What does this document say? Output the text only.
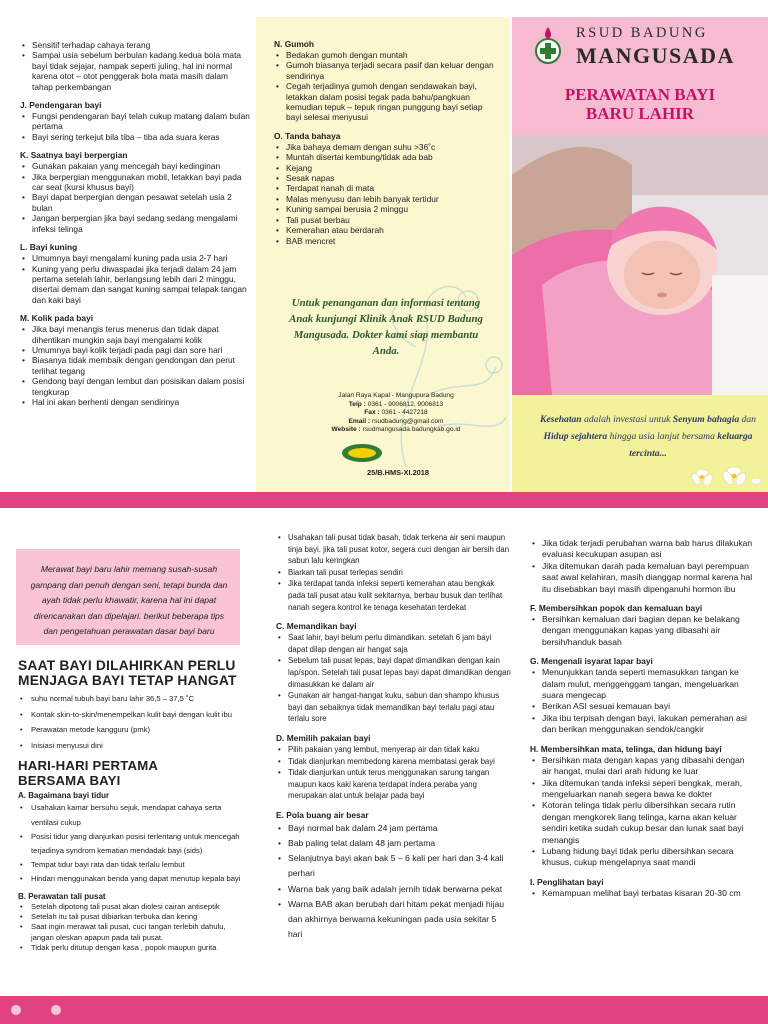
• Sensitif terhadap cahaya terang
• Sampai usia sebelum berbulan kadang kedua bola mata bayi tidak sejajar, nampak seperti juling, hal ini normal karena otot – otot penggerak bola mata masih dalam tahap perkembangan
J. Pendengaran bayi
• Fungsi pendengaran bayi telah cukup matang dalam bulan pertama
• Bayi sering terkejut bila tiba – tiba ada suara keras
K. Saatnya bayi berpergian
• Gunakan pakaian yang mencegah bayi kedinginan
• Jika berpergian menggunakan mobil, letakkan bayi pada car seat (kursi khusus bayi)
• Bayi dapat berpergian dengan pesawat setelah usia 2 bulan
• Jangan berpergian jika bayi sedang sedang mengalami infeksi telinga
L. Bayi kuning
• Umumnya bayi mengalami kuning pada usia 2-7 hari
• Kuning yang perlu diwaspadai jika terjadi dalam 24 jam pertama setelah lahir, berlangsung lebih dari 2 minggu, disertai demam dan sangat kuning sampai telapak tangan dan kaki bayi
M. Kolik pada bayi
• Jika bayi menangis terus menerus dan tidak dapat dihentikan mungkin saja bayi mengalami kolik
• Umumnya bayi kolik terjadi pada pagi dan sore hari
• Biasanya tidak membaik dengan gendongan dan perut terlihat tegang
• Gendong bayi dengan lembut dan posisikan dalam posisi tengkurap
• Hal ini akan berhenti dengan sendirinya
N. Gumoh
• Bedakan gumoh dengan muntah
• Gumoh biasanya terjadi secara pasif dan keluar dengan sendirinya
• Cegah terjadinya gumoh dengan sendawakan bayi, letakkan dalam posisi tegak pada bahu/pangkuan kemudian tepuk – tepuk ringan punggung bayi setiap bayi selesai menyusui
O. Tanda bahaya
• Jika bahaya demam dengan suhu >36˚c
• Muntah disertai kembung/tidak ada bab
• Kejang
• Sesak napas
• Terdapat nanah di mata
• Malas menyusu dan lebih banyak tertidur
• Kuning sampai berusia 2 minggu
• Tali pusat berbau
• Kemerahan atau berdarah
• BAB mencret
Untuk penanganan dan informasi tentang Anak kunjungi Klinik Anak RSUD Badung Mangusada. Dokter kami siap membantu Anda.
Jalan Raya Kapal - Mangupura Badung
Telp : 0361 - 9006812, 9006813
Fax : 0361 - 4427218
Email : rsudbadung@gmail.com
Website : rsudmangusada.badungkab.go.id
25/B.HMS-XI.2018
RSUD BADUNG
MANGUSADA
PERAWATAN BAYI
BARU LAHIR
Kesehatan adalah investasi untuk Senyum bahagia dan Hidup sejahtera hingga usia lanjut bersama keluarga tercinta...
Merawat bayi baru lahir memang susah-susah gampang dan penuh dengan seni, tetapi bunda dan ayah tidak perlu khawatir, karena hal ini dapat direncanakan dan dipelajari. berikut beberapa tips dan pengetahuan perawatan dasar bayi baru
SAAT BAYI DILAHIRKAN PERLU MENJAGA BAYI TETAP HANGAT
• suhu normal tubuh bayi baru lahir 36,5 – 37,5 ˚C
• Kontak skin-to-skin/menempelkan kulit bayi dengan kulit ibu
• Perawatan metode kangguru (pmk)
• Inisiasi menyusui dini
HARI-HARI PERTAMA BERSAMA BAYI
A. Bagaimana bayi tidur
• Usahakan kamar bersuhu sejuk, mendapat cahaya serta ventilasi cukup
• Posisi tidur yang dianjurkan posisi terlentang untuk mencegah terjadinya syndrom kematian mendadak bayi (sids)
• Tempat tidur bayi rata dan tidak terlalu lembut
• Hindari menggunakan benda yang dapat menutup kepala bayi
B. Perawatan tali pusat
• Setelah dipotong tali pusat akan diolesi cairan antiseptik
• Setelah itu tali pusat dibiarkan terbuka dan kering
• Saat ingin merawat tali pusat, cuci tangan terlebih dahulu, jangan oleskan apapun pada tali pusat.
• Tidak perlu ditutup dengan kasa , popok maupun gurita
• Usahakan tali pusat tidak basah, tidak terkena air seni maupun tinja bayi. jika tali pusat kotor, segera cuci dengan air bersih dan sabun lalu keringkan
• Biarkan tali pusat terlepas sendiri
• Jika terdapat tanda infeksi seperti kemerahan atau bengkak pada tali pusat atau kulit sekitarnya, berbau busuk dan terlihat nanah segera kontrol ke tenaga kesehatan terdekat
C. Memandikan bayi
• Saat lahir, bayi belum perlu dimandikan. setelah 6 jam bayi dapat dilap dengan air hangat saja
• Sebelum tali pusat lepas, bayi dapat dimandikan dengan kain lap/spon. Setelah tali pusat lepas bayi dapat dimandikan dengan dimasukkan ke dalam air
• Gunakan air hangat-hangat kuku, sabun dan shampo khusus bayi dan sebaiknya tidak memandikan bayi terlalu pagi atau terlalu sore
D. Memilih pakaian bayi
• Pilih pakaian yang lembut, menyerap air dan tidak kaku
• Tidak dianjurkan membedong karena membatasi gerak bayi
• Tidak dianjurkan untuk terus menggunakan sarung tangan maupun kaos kaki karena terdapat indera peraba yang merupakan alat untuk belajar pada bayi
E. Pola buang air besar
• Bayi normal bak dalam 24 jam pertama
• Bab paling telat dalam 48 jam pertama
• Selanjutnya bayi akan bak 5 – 6 kali per hari dan 3-4 kali perhari
• Warna bak yang baik adalah jernih tidak berwarna pekat
• Warna BAB akan berubah dari hitam pekat menjadi hijau dan akhirnya berwarna kekuningan pada usia sekitar 5 hari
• Jika tidak terjadi perubahan warna bab harus dilakukan evaluasi kecukupan asupan asi
• Jika ditemukan darah pada kemaluan bayi perempuan saat awal kelahiran, masih dianggap normal karena hal itu disebabkan bayi masih dipenganuhi hormon ibu
F. Membersihkan popok dan kemaluan bayi
• Bersihkan kemaluan dari bagian depan ke belakang dengan menggunakan kapas yang dibasahi air bersih/handuk basah
G. Mengenali isyarat lapar bayi
• Menunjukkan tanda seperti memasukkan tangan ke dalam mulut, menggenggam tangan, mengeluarkan suara mengecap
• Berikan ASI sesuai kemauan bayi
• Jika ibu terpisah dengan bayi, lakukan pemerahan asi dan berikan menggunakan sendok/cangkir
H. Membersihkan mata, telinga, dan hidung bayi
• Bersihkan mata dengan kapas yang dibasahi dengan air hangat, mulai dari arah hidung ke luar
• Jika ditemukan tanda infeksi seperi bengkak, merah, mengeluarkan nanah segera bawa ke dokter
• Kotoran telinga tidak perlu dibersihkan secara rutin dengan mengkorek liang telinga, karna akan keluar sendiri ketika sudah cukup besar dan lunak saat bayi menangis
• Lubang hidung bayi tidak perlu dibersihkan secara khusus, cukup mengelapnya saat mandi
I. Penglihatan bayi
• Kemampuan melihat bayi terbatas kisaran 20-30 cm
